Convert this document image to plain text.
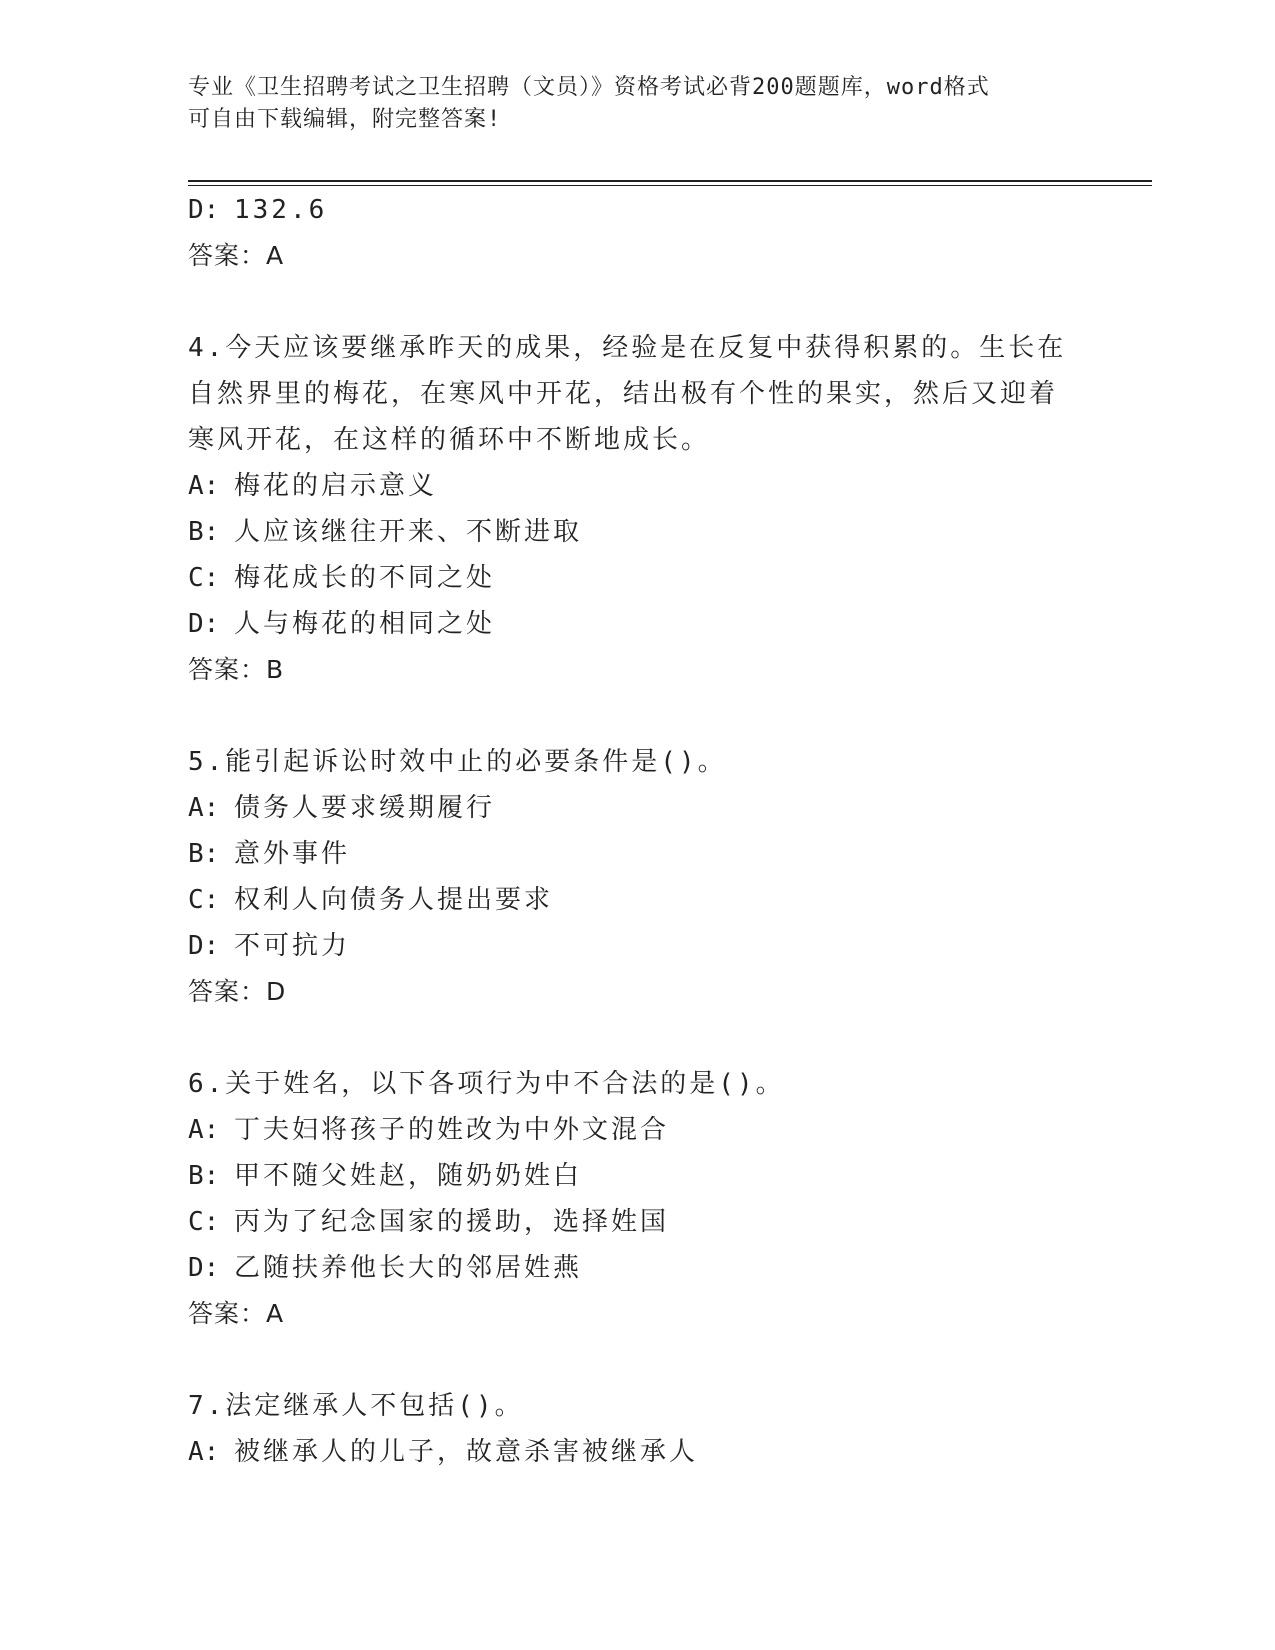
专业《卫生招聘考试之卫生招聘（文员）》资格考试必背200题题库，word格式
可自由下载编辑，附完整答案!
D: 132.6
答案：A
4.今天应该要继承昨天的成果，经验是在反复中获得积累的。生长在
自然界里的梅花，在寒风中开花，结出极有个性的果实，然后又迎着
寒风开花，在这样的循环中不断地成长。
A: 梅花的启示意义
B: 人应该继往开来、不断进取
C: 梅花成长的不同之处
D: 人与梅花的相同之处
答案：B
5.能引起诉讼时效中止的必要条件是()。
A: 债务人要求缓期履行
B: 意外事件
C: 权利人向债务人提出要求
D: 不可抗力
答案：D
6.关于姓名，以下各项行为中不合法的是()。
A: 丁夫妇将孩子的姓改为中外文混合
B: 甲不随父姓赵，随奶奶姓白
C: 丙为了纪念国家的援助，选择姓国
D: 乙随扶养他长大的邻居姓燕
答案：A
7.法定继承人不包括()。
A: 被继承人的儿子，故意杀害被继承人
